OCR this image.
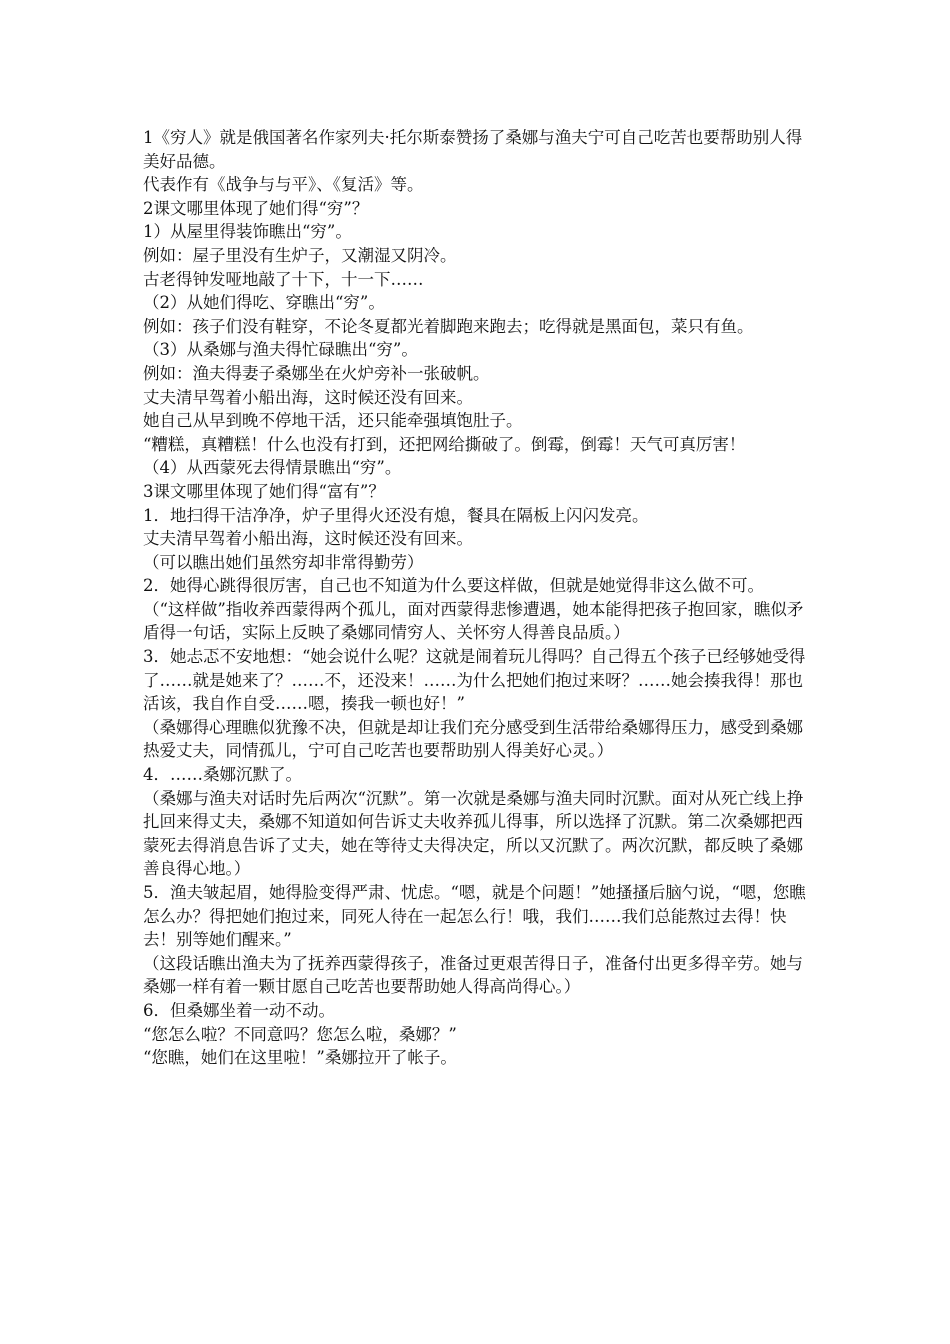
1《穷人》就是俄国著名作家列夫·托尔斯泰赞扬了桑娜与渔夫宁可自己吃苦也要帮助别人得美好品德。

代表作有《战争与与平》、《复活》等。

2课文哪里体现了她们得“穷”？

1）从屋里得装饰瞧出“穷”。

例如：屋子里没有生炉子，又潮湿又阴冷。

古老得钟发哑地敲了十下，十一下……

（2）从她们得吃、穿瞧出“穷”。

例如：孩子们没有鞋穿，不论冬夏都光着脚跑来跑去；吃得就是黑面包，菜只有鱼。

（3）从桑娜与渔夫得忙碌瞧出“穷”。

例如：渔夫得妻子桑娜坐在火炉旁补一张破帆。

丈夫清早驾着小船出海，这时候还没有回来。

她自己从早到晚不停地干活，还只能牵强填饱肚子。

“糟糕，真糟糕！什么也没有打到，还把网给撕破了。倒霉，倒霉！天气可真厉害！

（4）从西蒙死去得情景瞧出“穷”。

3课文哪里体现了她们得“富有”？

1．地扫得干洁净净，炉子里得火还没有熄，餐具在隔板上闪闪发亮。

丈夫清早驾着小船出海，这时候还没有回来。

（可以瞧出她们虽然穷却非常得勤劳）

2．她得心跳得很厉害，自己也不知道为什么要这样做，但就是她觉得非这么做不可。

（“这样做”指收养西蒙得两个孤儿，面对西蒙得悲惨遭遇，她本能得把孩子抱回家，瞧似矛盾得一句话，实际上反映了桑娜同情穷人、关怀穷人得善良品质。）

3．她忐忑不安地想：“她会说什么呢？这就是闹着玩儿得吗？自己得五个孩子已经够她受得了……就是她来了？……不，还没来！……为什么把她们抱过来呀？……她会揍我得！那也活该，我自作自受……嗯，揍我一顿也好！”

（桑娜得心理瞧似犹豫不决，但就是却让我们充分感受到生活带给桑娜得压力，感受到桑娜热爱丈夫，同情孤儿，宁可自己吃苦也要帮助别人得美好心灵。）

4．……桑娜沉默了。

（桑娜与渔夫对话时先后两次“沉默”。第一次就是桑娜与渔夫同时沉默。面对从死亡线上挣扎回来得丈夫，桑娜不知道如何告诉丈夫收养孤儿得事，所以选择了沉默。第二次桑娜把西蒙死去得消息告诉了丈夫，她在等待丈夫得决定，所以又沉默了。两次沉默，都反映了桑娜善良得心地。）

5．渔夫皱起眉，她得脸变得严肃、忧虑。“嗯，就是个问题！”她搔搔后脑勺说，“嗯，您瞧怎么办？得把她们抱过来，同死人待在一起怎么行！哦，我们……我们总能熬过去得！快去！别等她们醒来。”

（这段话瞧出渔夫为了抚养西蒙得孩子，准备过更艰苦得日子，准备付出更多得辛劳。她与桑娜一样有着一颗甘愿自己吃苦也要帮助她人得高尚得心。）

6．但桑娜坐着一动不动。

“您怎么啦？不同意吗？您怎么啦，桑娜？”

“您瞧，她们在这里啦！”桑娜拉开了帐子。
